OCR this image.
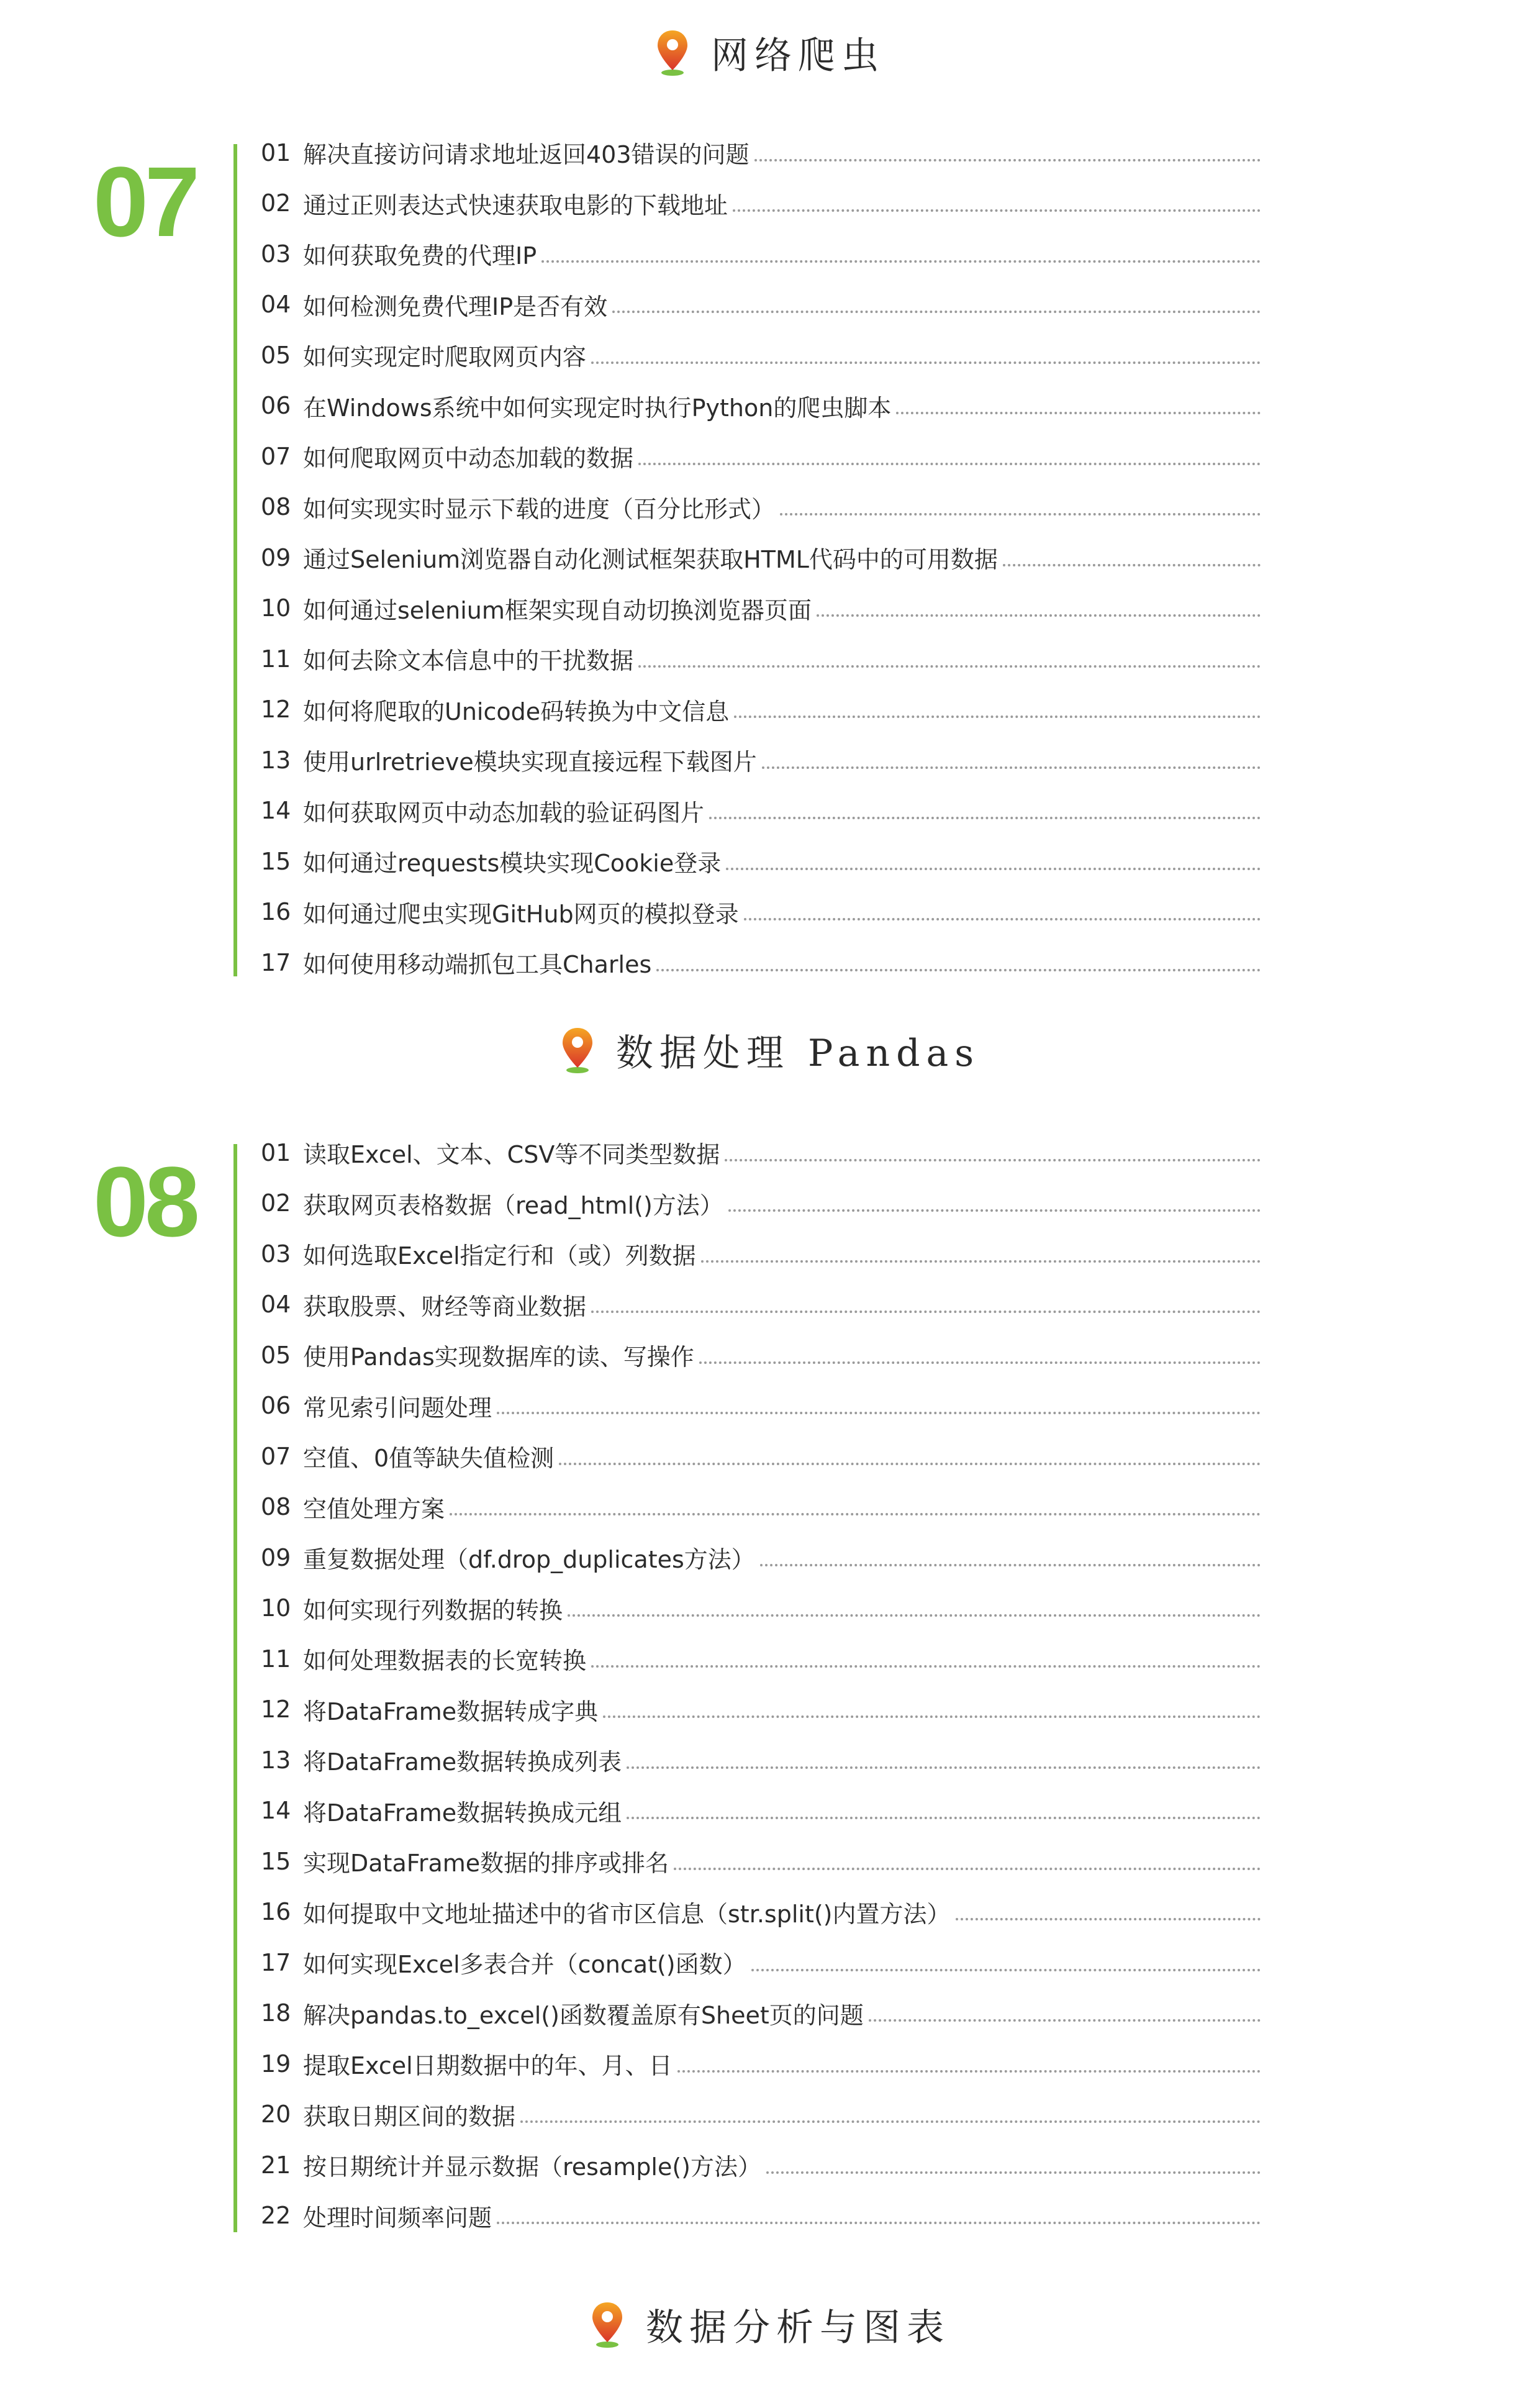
网络爬虫
07	01 解决直接访问请求地址返回403错误的问题
02 通过正则表达式快速获取电影的下载地址
03 如何获取免费的代理IP
04 如何检测免费代理IP是否有效
05 如何实现定时爬取网页内容
06 在Windows系统中如何实现定时执行Python的爬虫脚本
07 如何爬取网页中动态加载的数据
08 如何实现实时显示下载的进度（百分比形式）
09 通过Selenium浏览器自动化测试框架获取HTML代码中的可用数据
10 如何通过selenium框架实现自动切换浏览器页面
11 如何去除文本信息中的干扰数据
12 如何将爬取的Unicode码转换为中文信息
13 使用urlretrieve模块实现直接远程下载图片
14 如何获取网页中动态加载的验证码图片
15 如何通过requests模块实现Cookie登录
16 如何通过爬虫实现GitHub网页的模拟登录
17 如何使用移动端抓包工具Charles
数据处理 Pandas
08	01 读取Excel、文本、CSV等不同类型数据
02 获取网页表格数据（read_html()方法）
03 如何选取Excel指定行和（或）列数据
04 获取股票、财经等商业数据
05 使用Pandas实现数据库的读、写操作
06 常见索引问题处理
07 空值、0值等缺失值检测
08 空值处理方案
09 重复数据处理（df.drop_duplicates方法）
10 如何实现行列数据的转换
11 如何处理数据表的长宽转换
12 将DataFrame数据转成字典
13 将DataFrame数据转换成列表
14 将DataFrame数据转换成元组
15 实现DataFrame数据的排序或排名
16 如何提取中文地址描述中的省市区信息（str.split()内置方法）
17 如何实现Excel多表合并（concat()函数）
18 解决pandas.to_excel()函数覆盖原有Sheet页的问题
19 提取Excel日期数据中的年、月、日
20 获取日期区间的数据
21 按日期统计并显示数据（resample()方法）
22 处理时间频率问题
数据分析与图表
